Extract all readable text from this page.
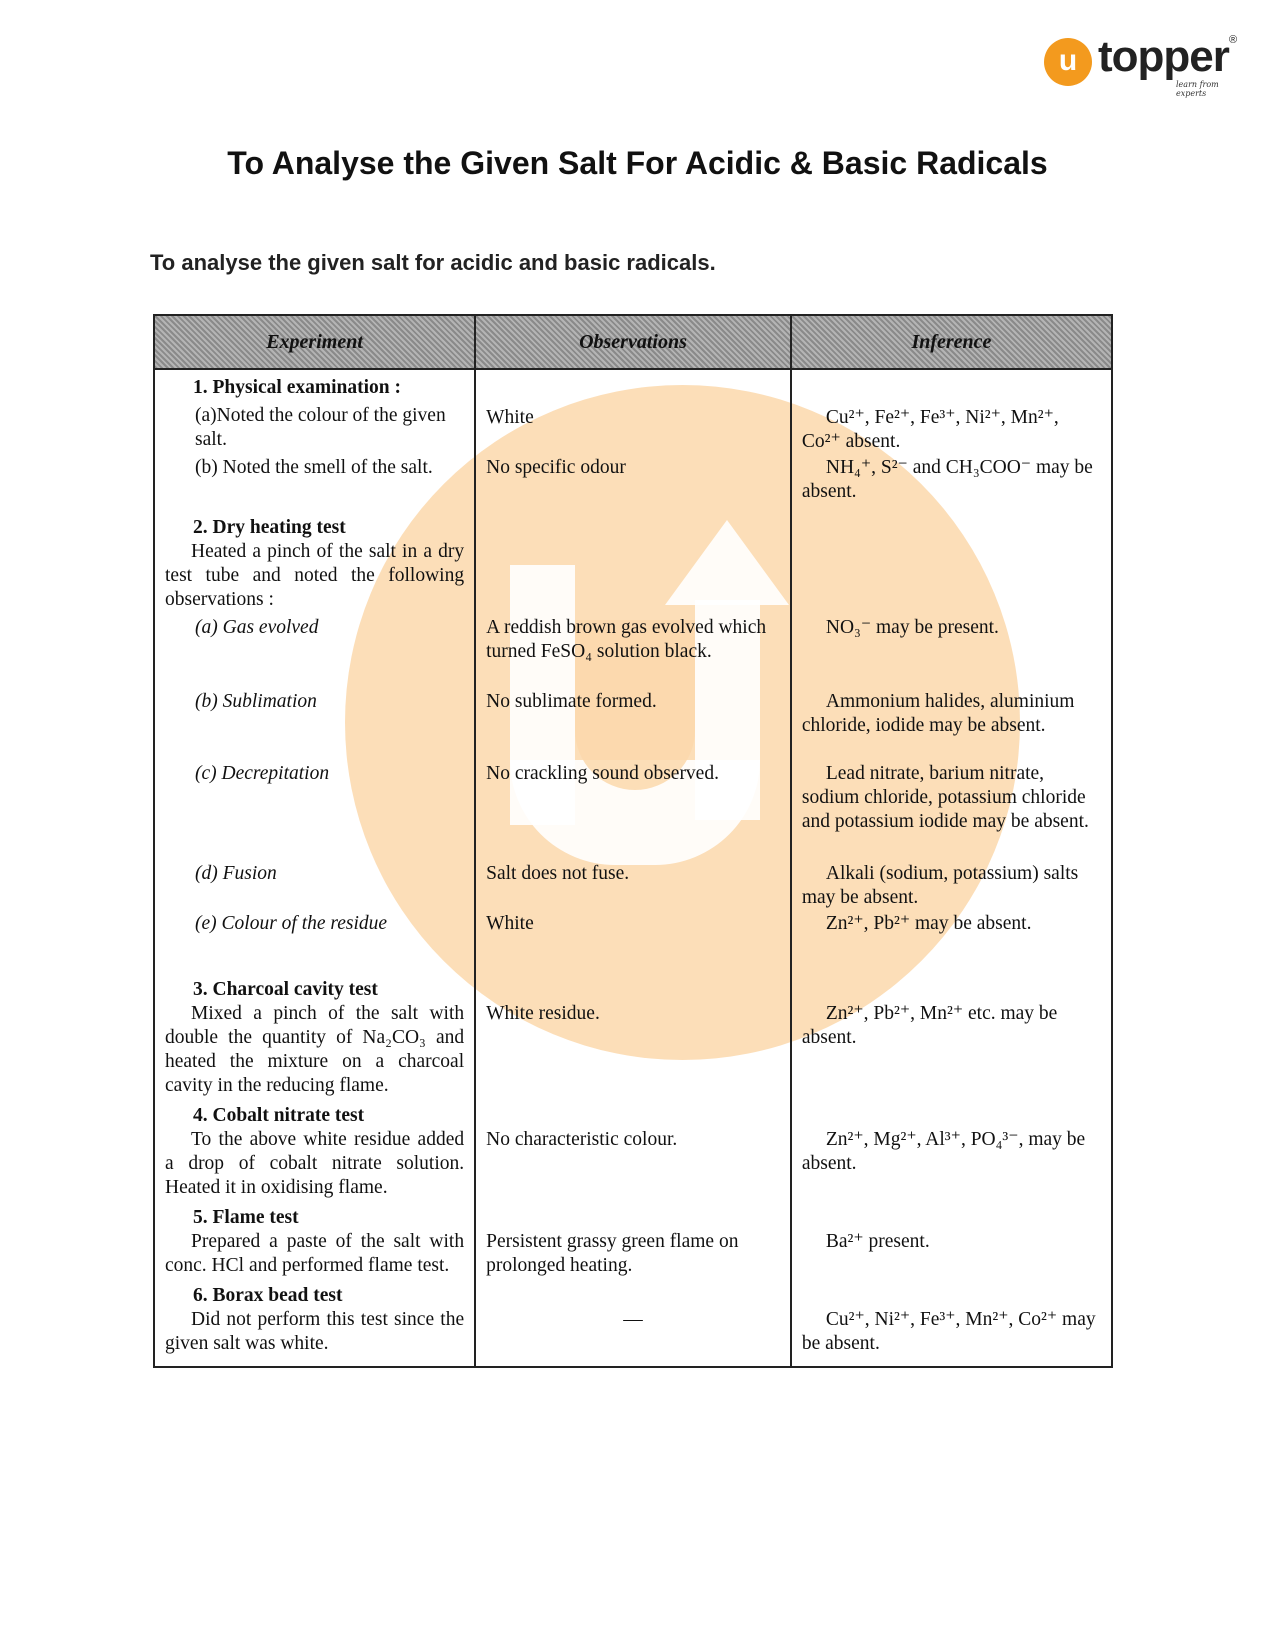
u topper ®
learn from experts
To Analyse the Given Salt For Acidic & Basic Radicals
To analyse the given salt for acidic and basic radicals.
Experiment	Observations	Inference

1. Physical examination :
(a)Noted the colour of the given salt.	White	Cu²⁺, Fe²⁺, Fe³⁺, Ni²⁺, Mn²⁺, Co²⁺ absent.

(b) Noted the smell of the salt.	No specific odour	NH₄⁺, S²⁻ and CH₃COO⁻ may be absent.

2. Dry heating test
Heated a pinch of the salt in a dry test tube and noted the following observations :		

(a) Gas evolved	A reddish brown gas evolved which turned FeSO₄ solution black.	NO₃⁻ may be present.

(b) Sublimation	No sublimate formed.	Ammonium halides, aluminium chloride, iodide may be absent.

(c) Decrepitation	No crackling sound observed.	Lead nitrate, barium nitrate, sodium chloride, potassium chloride and potassium iodide may be absent.

(d) Fusion	Salt does not fuse.	Alkali (sodium, potassium) salts may be absent.

(e) Colour of the residue	White	Zn²⁺, Pb²⁺ may be absent.

3. Charcoal cavity test
Mixed a pinch of the salt with double the quantity of Na₂CO₃ and heated the mixture on a charcoal cavity in the reducing flame.	White residue.	Zn²⁺, Pb²⁺, Mn²⁺ etc. may be absent.

4. Cobalt nitrate test
To the above white residue added a drop of cobalt nitrate solution. Heated it in oxidising flame.	No characteristic colour.	Zn²⁺, Mg²⁺, Al³⁺, PO₄³⁻, may be absent.

5. Flame test
Prepared a paste of the salt with conc. HCl and performed flame test.	Persistent grassy green flame on prolonged heating.	Ba²⁺ present.

6. Borax bead test
Did not perform this test since the given salt was white.	—	Cu²⁺, Ni²⁺, Fe³⁺, Mn²⁺, Co²⁺ may be absent.
